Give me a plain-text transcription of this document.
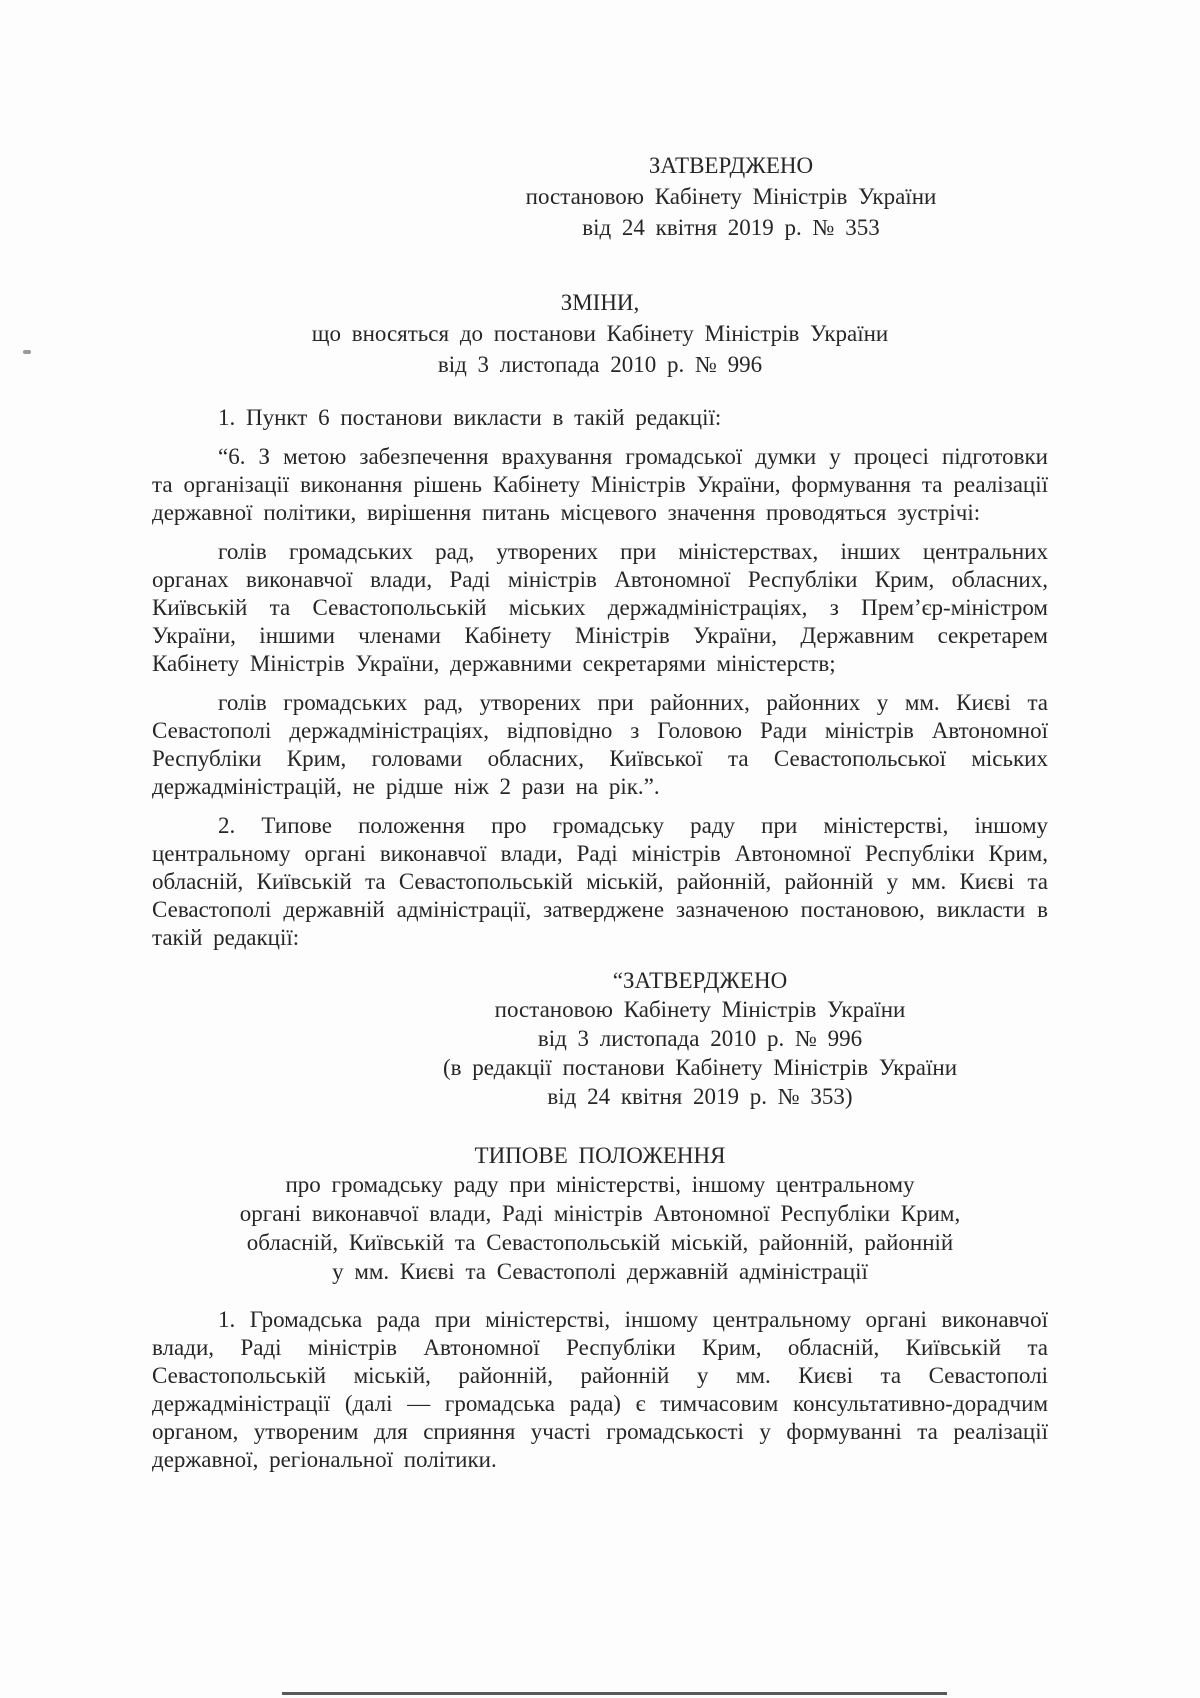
ЗАТВЕРДЖЕНО
постановою Кабінету Міністрів України
від 24 квітня 2019 р. № 353
ЗМІНИ,
що вносяться до постанови Кабінету Міністрів України
від 3 листопада 2010 р. № 996

1. Пункт 6 постанови викласти в такій редакції:

“6. З метою забезпечення врахування громадської думки у процесі підготовки та організації виконання рішень Кабінету Міністрів України, формування та реалізації державної політики, вирішення питань місцевого значення проводяться зустрічі:

голів громадських рад, утворених при міністерствах, інших центральних органах виконавчої влади, Раді міністрів Автономної Республіки Крим, обласних, Київській та Севастопольській міських держадміністраціях, з Прем’єр-міністром України, іншими членами Кабінету Міністрів України, Державним секретарем Кабінету Міністрів України, державними секретарями міністерств;

голів громадських рад, утворених при районних, районних у мм. Києві та Севастополі держадміністраціях, відповідно з Головою Ради міністрів Автономної Республіки Крим, головами обласних, Київської та Севастопольської міських держадміністрацій, не рідше ніж 2 рази на рік.”.

2. Типове положення про громадську раду при міністерстві, іншому центральному органі виконавчої влади, Раді міністрів Автономної Республіки Крим, обласній, Київській та Севастопольській міській, районній, районній у мм. Києві та Севастополі державній адміністрації, затверджене зазначеною постановою, викласти в такій редакції:

“ЗАТВЕРДЖЕНО
постановою Кабінету Міністрів України
від 3 листопада 2010 р. № 996
(в редакції постанови Кабінету Міністрів України
від 24 квітня 2019 р. № 353)
ТИПОВЕ ПОЛОЖЕННЯ
про громадську раду при міністерстві, іншому центральному
органі виконавчої влади, Раді міністрів Автономної Республіки Крим,
обласній, Київській та Севастопольській міській, районній, районній
у мм. Києві та Севастополі державній адміністрації

1. Громадська рада при міністерстві, іншому центральному органі виконавчої влади, Раді міністрів Автономної Республіки Крим, обласній, Київській та Севастопольській міській, районній, районній у мм. Києві та Севастополі держадміністрації (далі — громадська рада) є тимчасовим консультативно-дорадчим органом, утвореним для сприяння участі громадськості у формуванні та реалізації державної, регіональної політики.
